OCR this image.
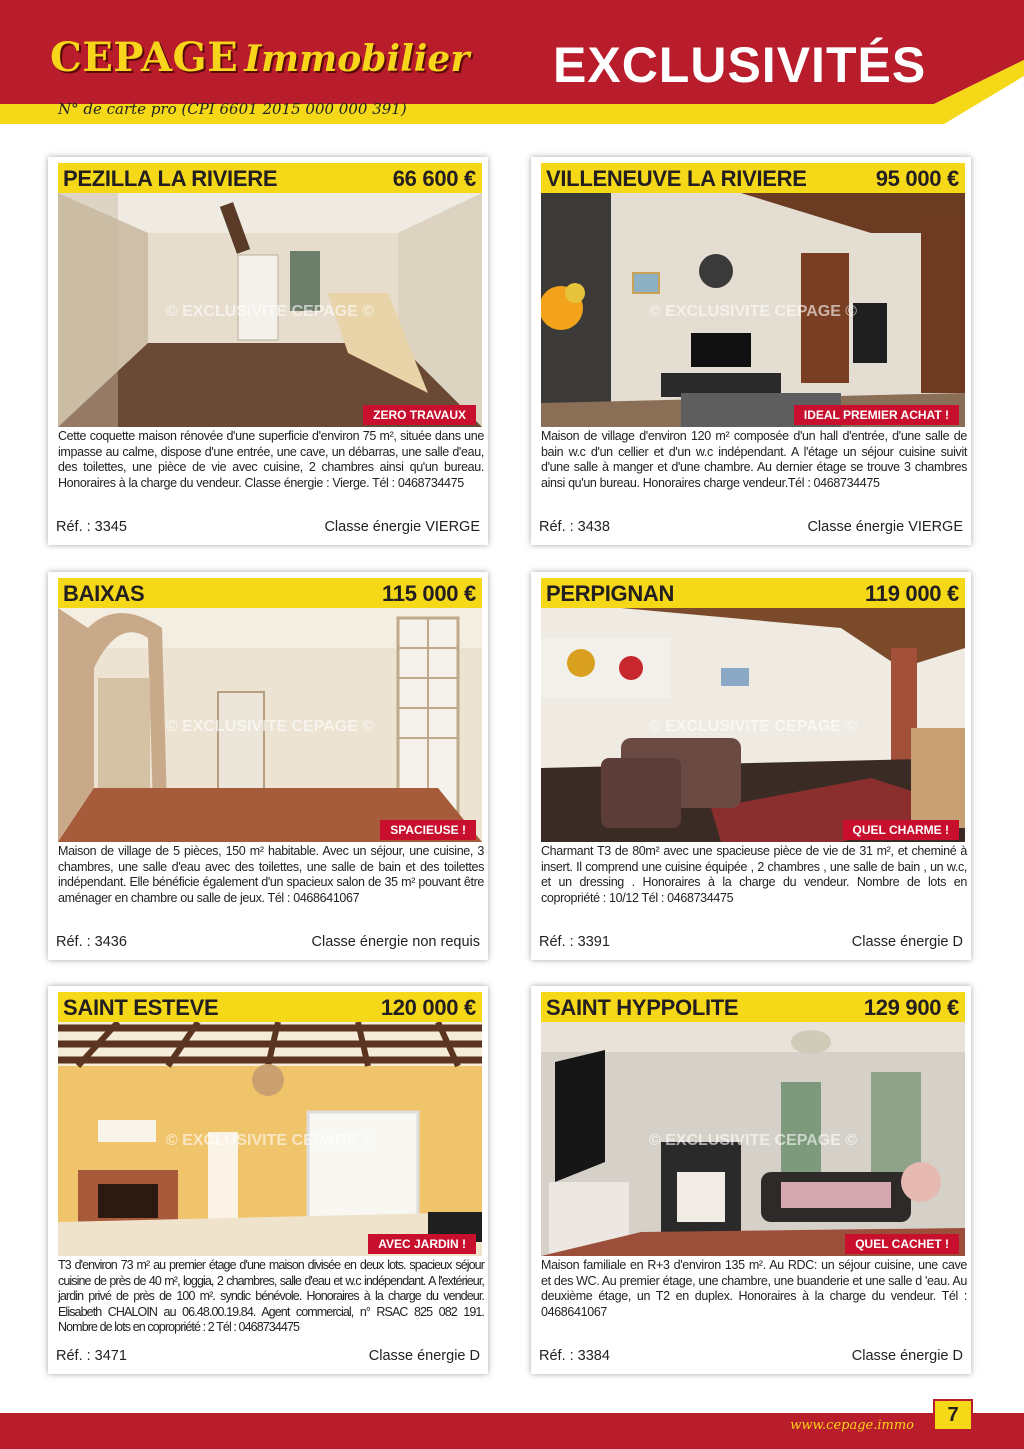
CEPAGE Immobilier EXCLUSIVITÉS
N° de carte pro (CPI 6601 2015 000 000 391)
PEZILLA LA RIVIERE	66 600 €
© EXCLUSIVITE CEPAGE ©
ZERO TRAVAUX
Cette coquette maison rénovée d'une superficie d'environ 75 m², située dans une impasse au calme, dispose d'une entrée, une cave, un débarras, une salle d'eau, des toilettes, une pièce de vie avec cuisine, 2 chambres ainsi qu'un bureau. Honoraires à la charge du vendeur. Classe énergie : Vierge. Tél : 0468734475
Réf. : 3345	Classe énergie VIERGE
VILLENEUVE LA RIVIERE	95 000 €
© EXCLUSIVITE CEPAGE ©
IDEAL PREMIER ACHAT !
Maison de village d'environ 120 m² composée d'un hall d'entrée, d'une salle de bain w.c d'un cellier et d'un w.c indépendant. A l'étage un séjour cuisine suivit d'une salle à manger et d'une chambre. Au dernier étage se trouve 3 chambres ainsi qu'un bureau. Honoraires charge vendeur.Tél : 0468734475
Réf. : 3438	Classe énergie VIERGE
BAIXAS	115 000 €
© EXCLUSIVITE CEPAGE ©
SPACIEUSE !
Maison de village de 5 pièces, 150 m² habitable. Avec un séjour, une cuisine, 3 chambres, une salle d'eau avec des toilettes, une salle de bain et des toilettes indépendant. Elle bénéficie également d'un spacieux salon de 35 m² pouvant être aménager en chambre ou salle de jeux. Tél : 0468641067
Réf. : 3436	Classe énergie non requis
PERPIGNAN	119 000 €
© EXCLUSIVITE CEPAGE ©
QUEL CHARME !
Charmant T3 de 80m² avec une spacieuse pièce de vie de 31 m², et cheminé à insert. Il comprend une cuisine équipée , 2 chambres , une salle de bain , un w.c, et un dressing . Honoraires à la charge du vendeur. Nombre de lots en copropriété : 10/12 Tél : 0468734475
Réf. : 3391	Classe énergie D
SAINT ESTEVE	120 000 €
© EXCLUSIVITE CEPAGE ©
AVEC JARDIN !
T3 d'environ 73 m² au premier étage d'une maison divisée en deux lots. spacieux séjour cuisine de près de 40 m², loggia, 2 chambres, salle d'eau et w.c indépendant. A l'extérieur, jardin privé de près de 100 m². syndic bénévole. Honoraires à la charge du vendeur. Elisabeth CHALOIN au 06.48.00.19.84. Agent commercial, n° RSAC 825 082 191. Nombre de lots en copropriété : 2 Tél : 0468734475
Réf. : 3471	Classe énergie D
SAINT HYPPOLITE	129 900 €
© EXCLUSIVITE CEPAGE ©
QUEL CACHET !
Maison familiale en R+3 d'environ 135 m². Au RDC: un séjour cuisine, une cave et des WC. Au premier étage, une chambre, une buanderie et une salle d 'eau. Au deuxième étage, un T2 en duplex. Honoraires à la charge du vendeur. Tél : 0468641067
Réf. : 3384	Classe énergie D
www.cepage.immo	7
